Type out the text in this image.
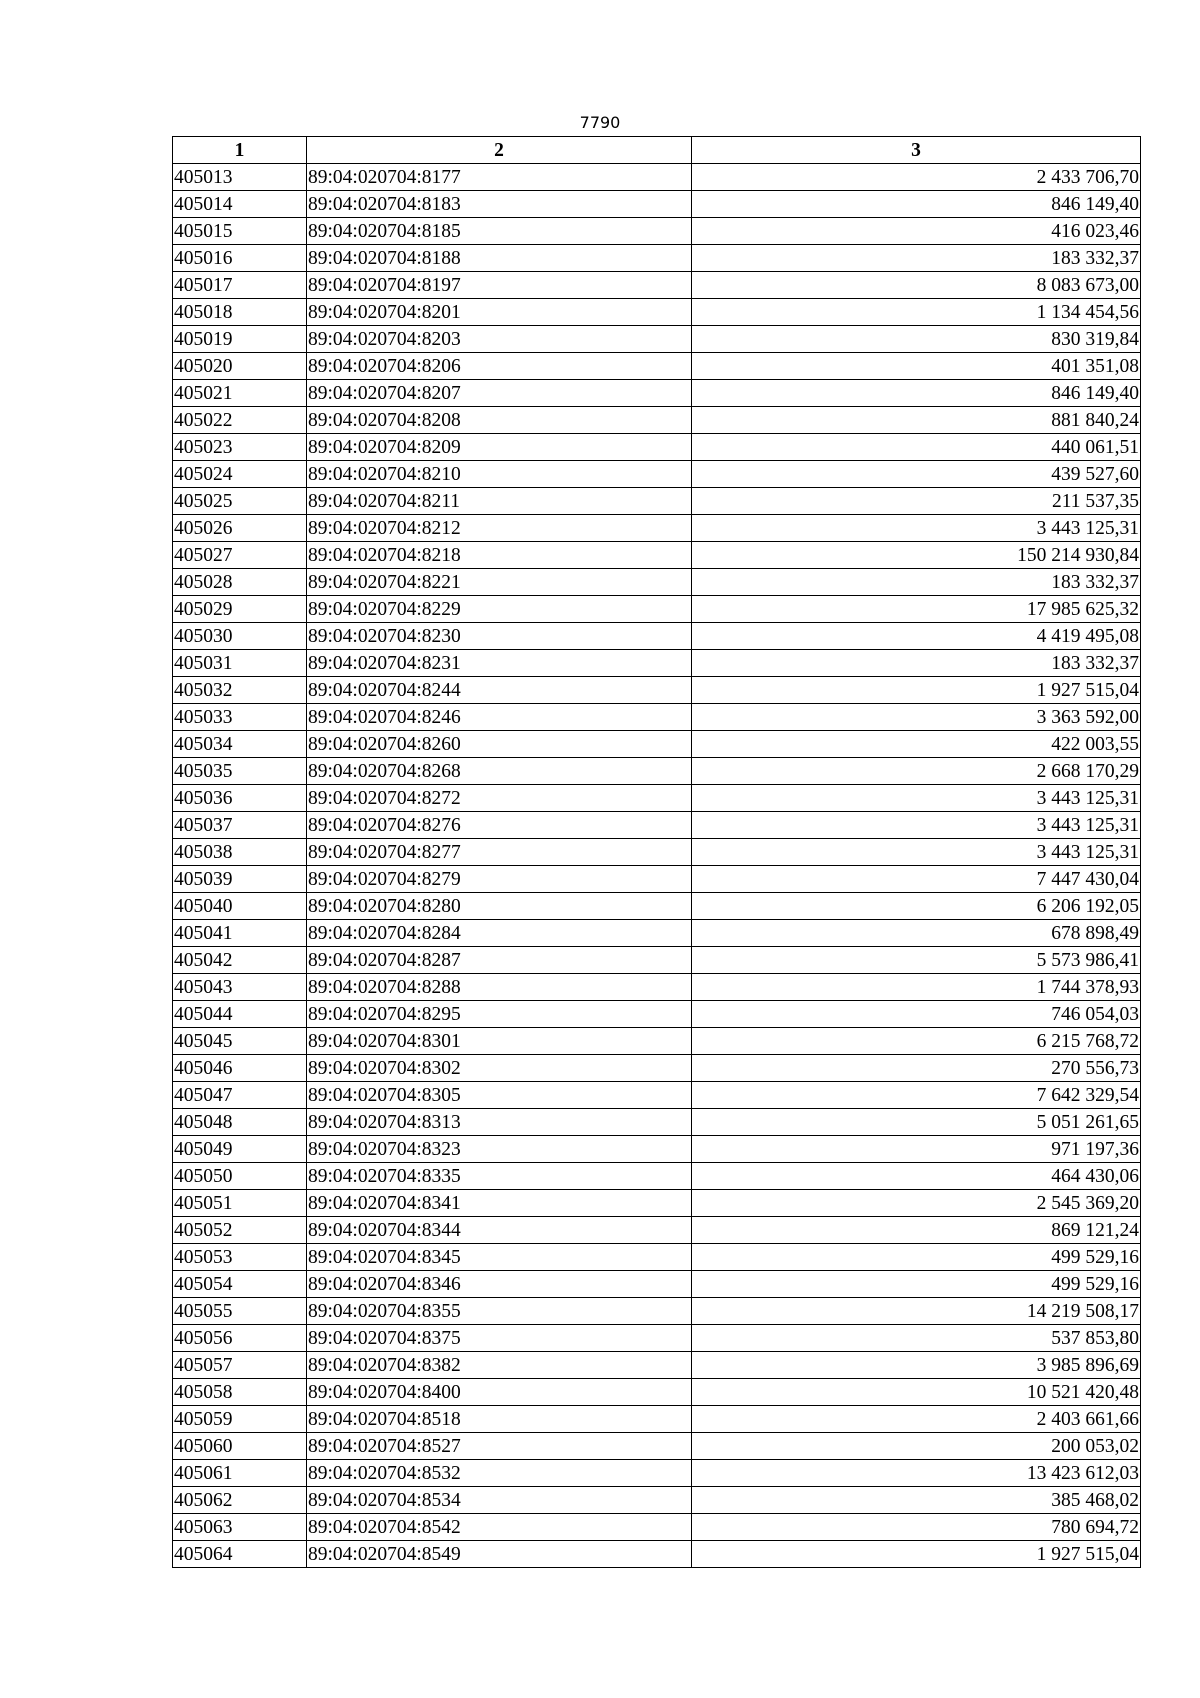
7790
1	2	3
405013	89:04:020704:8177	2 433 706,70
405014	89:04:020704:8183	846 149,40
405015	89:04:020704:8185	416 023,46
405016	89:04:020704:8188	183 332,37
405017	89:04:020704:8197	8 083 673,00
405018	89:04:020704:8201	1 134 454,56
405019	89:04:020704:8203	830 319,84
405020	89:04:020704:8206	401 351,08
405021	89:04:020704:8207	846 149,40
405022	89:04:020704:8208	881 840,24
405023	89:04:020704:8209	440 061,51
405024	89:04:020704:8210	439 527,60
405025	89:04:020704:8211	211 537,35
405026	89:04:020704:8212	3 443 125,31
405027	89:04:020704:8218	150 214 930,84
405028	89:04:020704:8221	183 332,37
405029	89:04:020704:8229	17 985 625,32
405030	89:04:020704:8230	4 419 495,08
405031	89:04:020704:8231	183 332,37
405032	89:04:020704:8244	1 927 515,04
405033	89:04:020704:8246	3 363 592,00
405034	89:04:020704:8260	422 003,55
405035	89:04:020704:8268	2 668 170,29
405036	89:04:020704:8272	3 443 125,31
405037	89:04:020704:8276	3 443 125,31
405038	89:04:020704:8277	3 443 125,31
405039	89:04:020704:8279	7 447 430,04
405040	89:04:020704:8280	6 206 192,05
405041	89:04:020704:8284	678 898,49
405042	89:04:020704:8287	5 573 986,41
405043	89:04:020704:8288	1 744 378,93
405044	89:04:020704:8295	746 054,03
405045	89:04:020704:8301	6 215 768,72
405046	89:04:020704:8302	270 556,73
405047	89:04:020704:8305	7 642 329,54
405048	89:04:020704:8313	5 051 261,65
405049	89:04:020704:8323	971 197,36
405050	89:04:020704:8335	464 430,06
405051	89:04:020704:8341	2 545 369,20
405052	89:04:020704:8344	869 121,24
405053	89:04:020704:8345	499 529,16
405054	89:04:020704:8346	499 529,16
405055	89:04:020704:8355	14 219 508,17
405056	89:04:020704:8375	537 853,80
405057	89:04:020704:8382	3 985 896,69
405058	89:04:020704:8400	10 521 420,48
405059	89:04:020704:8518	2 403 661,66
405060	89:04:020704:8527	200 053,02
405061	89:04:020704:8532	13 423 612,03
405062	89:04:020704:8534	385 468,02
405063	89:04:020704:8542	780 694,72
405064	89:04:020704:8549	1 927 515,04
